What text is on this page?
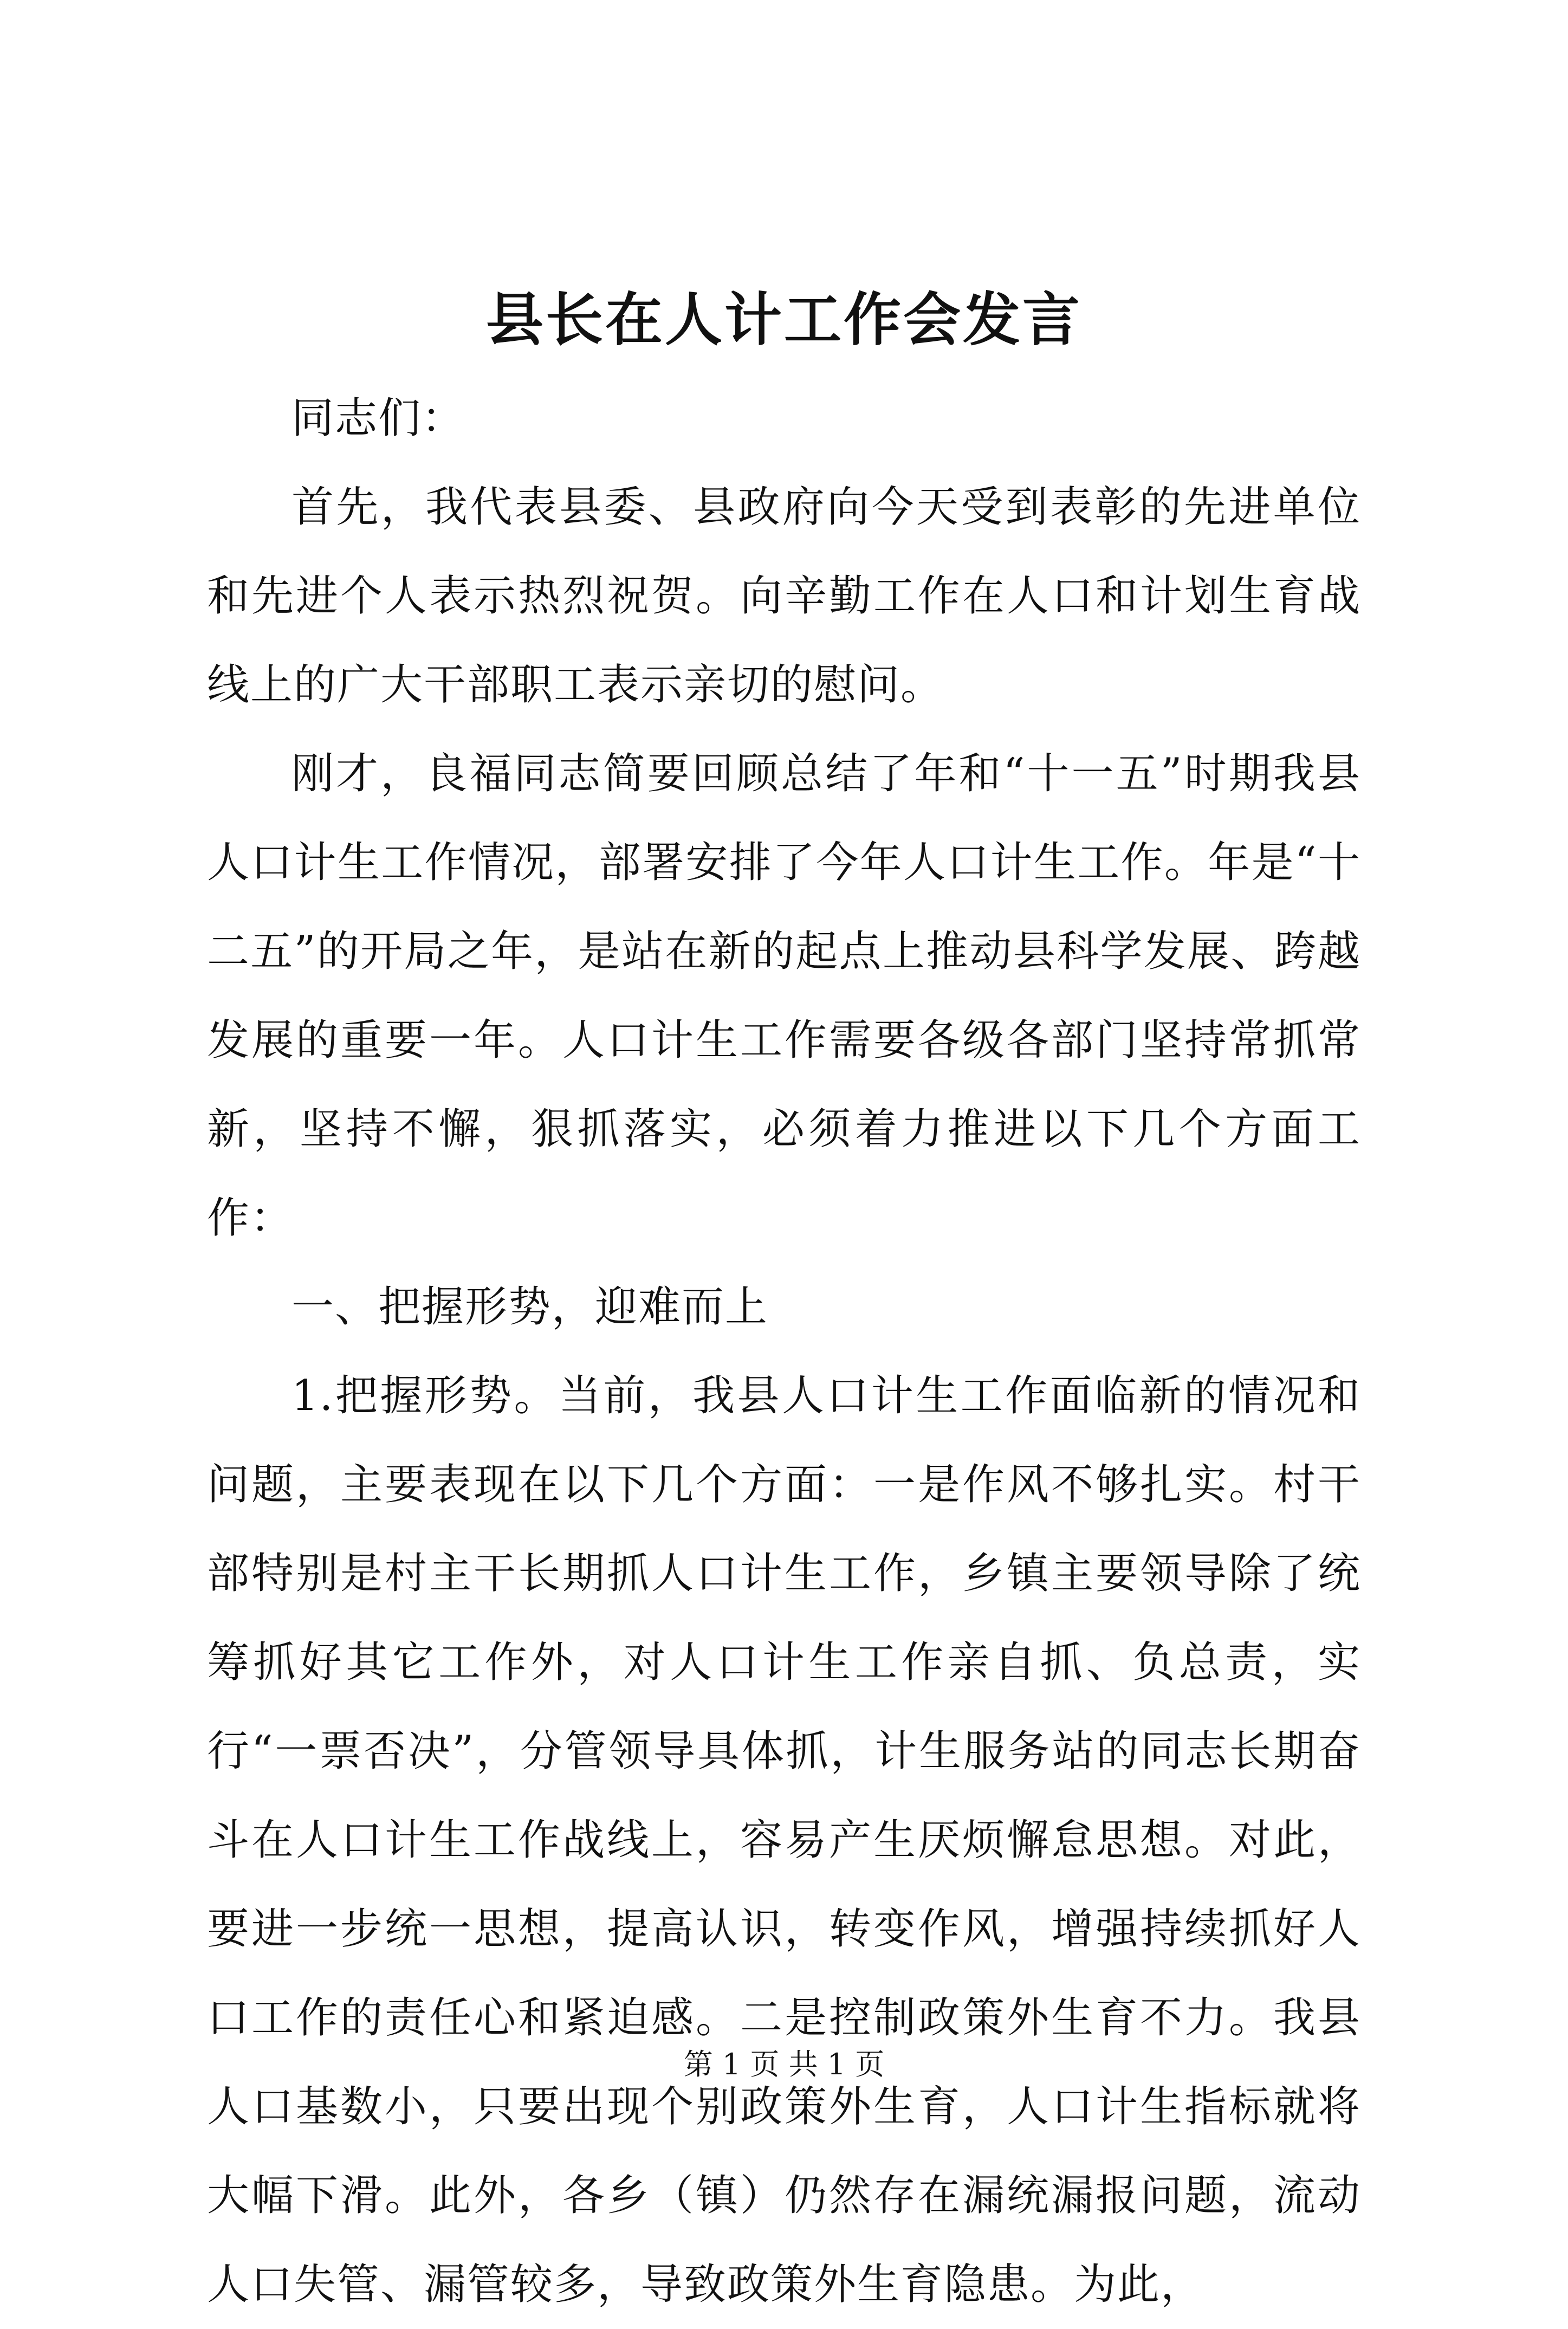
县长在人计工作会发言

同志们：

首先，我代表县委、县政府向今天受到表彰的先进单位和先进个人表示热烈祝贺。向辛勤工作在人口和计划生育战线上的广大干部职工表示亲切的慰问。

刚才，良福同志简要回顾总结了年和“十一五”时期我县人口计生工作情况，部署安排了今年人口计生工作。年是“十二五”的开局之年，是站在新的起点上推动县科学发展、跨越发展的重要一年。人口计生工作需要各级各部门坚持常抓常新，坚持不懈，狠抓落实，必须着力推进以下几个方面工作：

一、把握形势，迎难而上

1.把握形势。当前，我县人口计生工作面临新的情况和问题，主要表现在以下几个方面：一是作风不够扎实。村干部特别是村主干长期抓人口计生工作，乡镇主要领导除了统筹抓好其它工作外，对人口计生工作亲自抓、负总责，实行“一票否决”，分管领导具体抓，计生服务站的同志长期奋斗在人口计生工作战线上，容易产生厌烦懈怠思想。对此，要进一步统一思想，提高认识，转变作风，增强持续抓好人口工作的责任心和紧迫感。二是控制政策外生育不力。我县人口基数小，只要出现个别政策外生育，人口计生指标就将大幅下滑。此外，各乡（镇）仍然存在漏统漏报问题，流动人口失管、漏管较多，导致政策外生育隐患。为此，

第 1 页 共 1 页
